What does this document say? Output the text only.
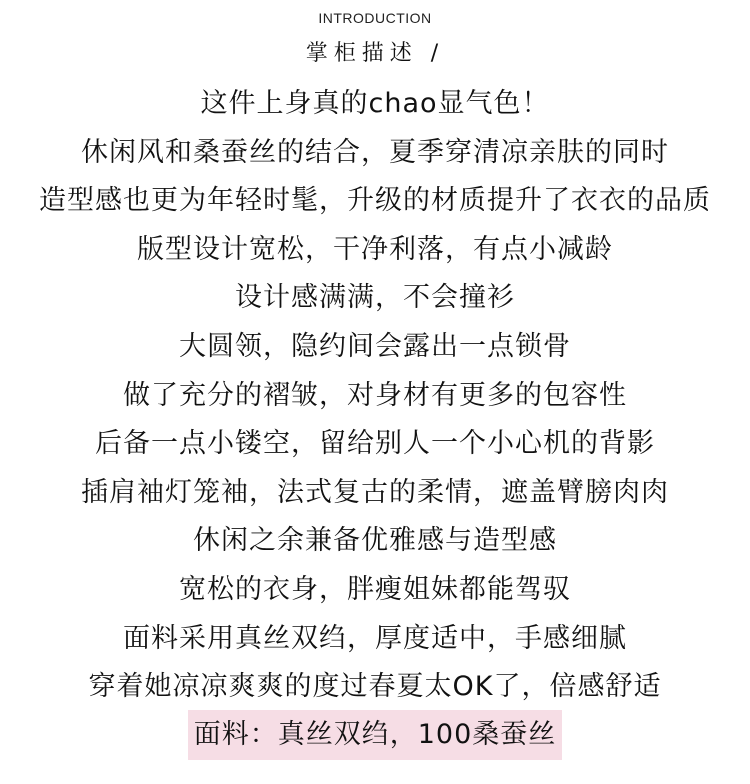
INTRODUCTION
掌柜描述 /
这件上身真的chao显气色！
休闲风和桑蚕丝的结合，夏季穿清凉亲肤的同时
造型感也更为年轻时髦，升级的材质提升了衣衣的品质
版型设计宽松，干净利落，有点小减龄
设计感满满，不会撞衫
大圆领，隐约间会露出一点锁骨
做了充分的褶皱，对身材有更多的包容性
后备一点小镂空，留给别人一个小心机的背影
插肩袖灯笼袖，法式复古的柔情，遮盖臂膀肉肉
休闲之余兼备优雅感与造型感
宽松的衣身，胖瘦姐妹都能驾驭
面料采用真丝双绉，厚度适中，手感细腻
穿着她凉凉爽爽的度过春夏太OK了，倍感舒适
面料：真丝双绉，100桑蚕丝
